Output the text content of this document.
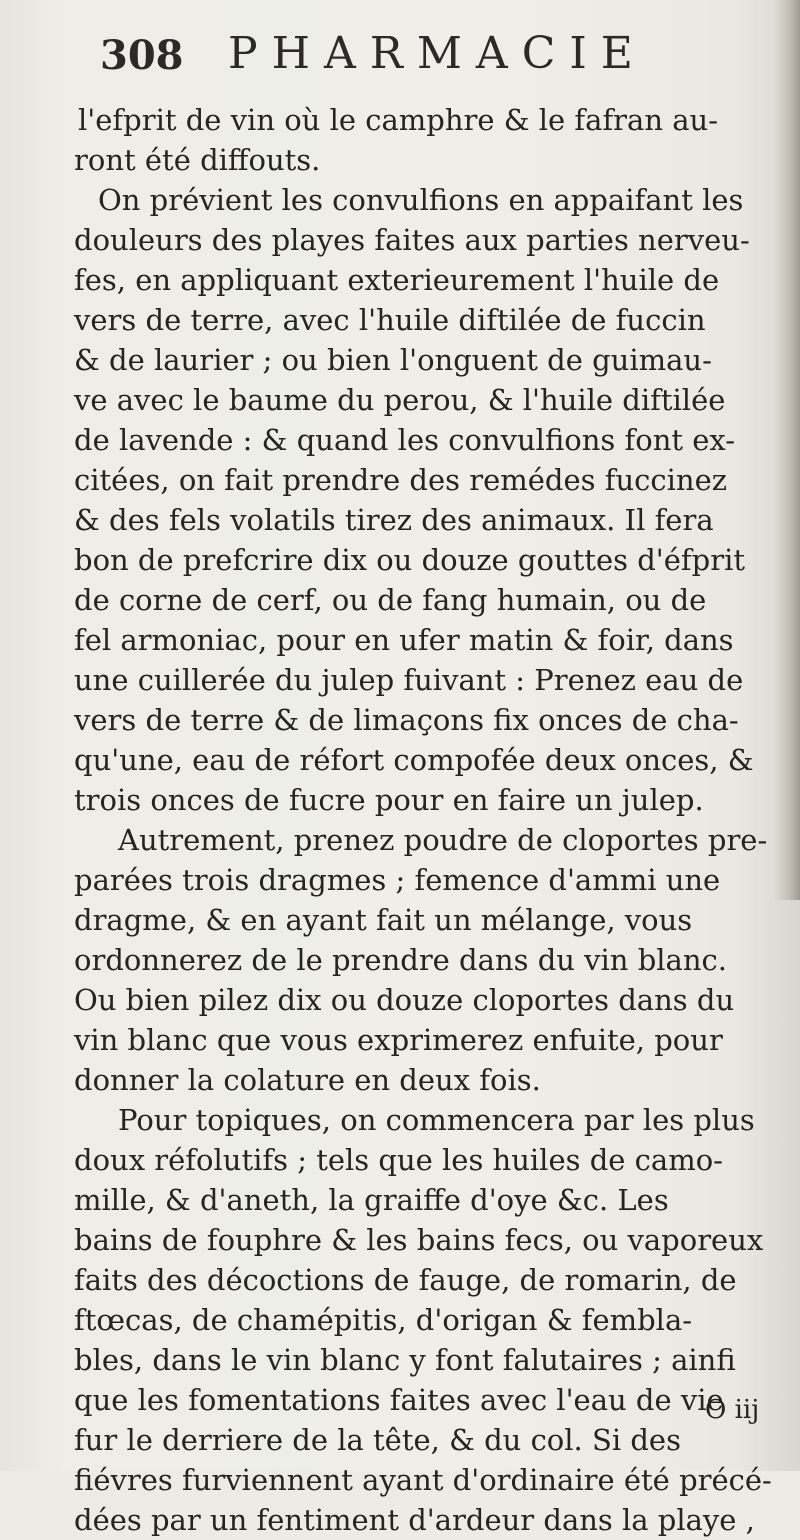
308 PHARMACIE
l'efprit de vin où le camphre & le fafran au-
ront été diffouts.
On prévient les convulfions en appaifant les
douleurs des playes faites aux parties nerveu-
fes, en appliquant exterieurement l'huile de
vers de terre, avec l'huile diftilée de fuccin
& de laurier ; ou bien l'onguent de guimau-
ve avec le baume du perou, & l'huile diftilée
de lavende : & quand les convulfions font ex-
citées, on fait prendre des remédes fuccinez
& des fels volatils tirez des animaux. Il fera
bon de prefcrire dix ou douze gouttes d'éfprit
de corne de cerf, ou de fang humain, ou de
fel armoniac, pour en ufer matin & foir, dans
une cuillerée du julep fuivant : Prenez eau de
vers de terre & de limaçons fix onces de cha-
qu'une, eau de réfort compofée deux onces, &
trois onces de fucre pour en faire un julep.
Autrement, prenez poudre de cloportes pre-
parées trois dragmes ; femence d'ammi une
dragme, & en ayant fait un mélange, vous
ordonnerez de le prendre dans du vin blanc.
Ou bien pilez dix ou douze cloportes dans du
vin blanc que vous exprimerez enfuite, pour
donner la colature en deux fois.
Pour topiques, on commencera par les plus
doux réfolutifs ; tels que les huiles de camo-
mille, & d'aneth, la graiffe d'oye &c. Les
bains de fouphre & les bains fecs, ou vaporeux
faits des décoctions de fauge, de romarin, de
ftœcas, de chamépitis, d'origan & fembla-
bles, dans le vin blanc y font falutaires ; ainfi
que les fomentations faites avec l'eau de vie
fur le derriere de la tête, & du col. Si des
fiévres furviennent ayant d'ordinaire été précé-
dées par un fentiment d'ardeur dans la playe ,
O iij
